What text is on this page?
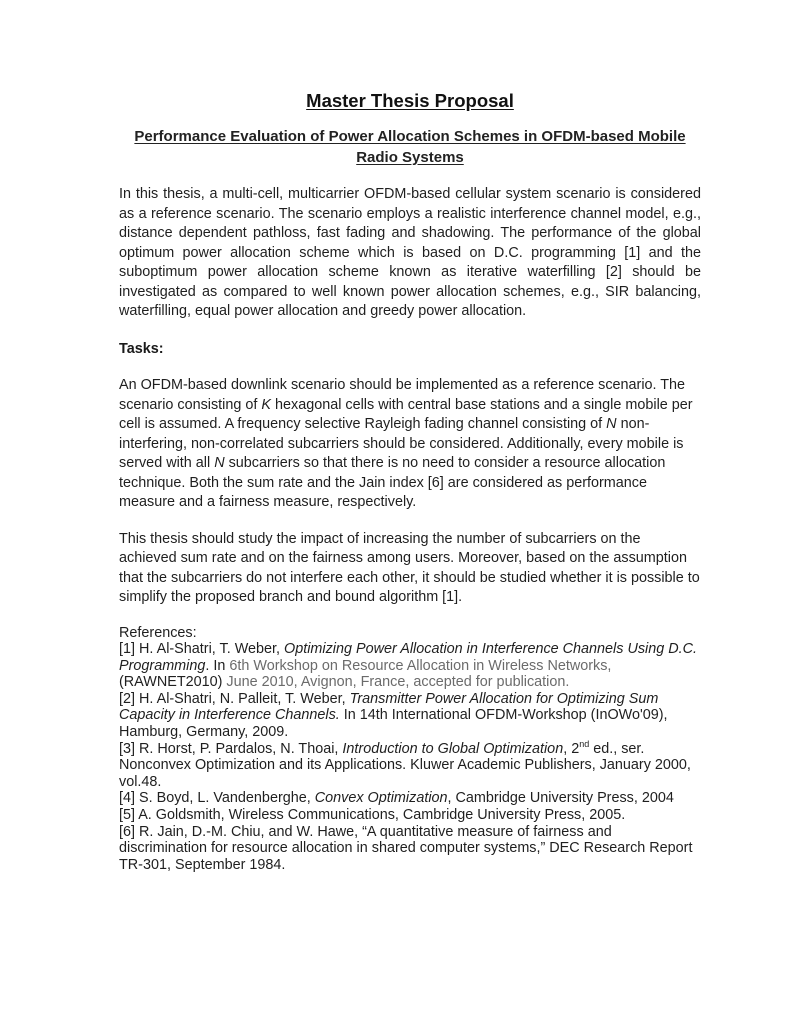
Master Thesis Proposal
Performance Evaluation of Power Allocation Schemes in OFDM-based Mobile Radio Systems

In this thesis, a multi-cell, multicarrier OFDM-based cellular system scenario is considered as a reference scenario. The scenario employs a realistic interference channel model, e.g., distance dependent pathloss, fast fading and shadowing. The performance of the global optimum power allocation scheme which is based on D.C. programming [1] and the suboptimum power allocation scheme known as iterative waterfilling [2] should be investigated as compared to well known power allocation schemes, e.g., SIR balancing, waterfilling, equal power allocation and greedy power allocation.

Tasks:

An OFDM-based downlink scenario should be implemented as a reference scenario. The scenario consisting of K hexagonal cells with central base stations and a single mobile per cell is assumed. A frequency selective Rayleigh fading channel consisting of N non-interfering, non-correlated subcarriers should be considered. Additionally, every mobile is served with all N subcarriers so that there is no need to consider a resource allocation technique. Both the sum rate and the Jain index [6] are considered as performance measure and a fairness measure, respectively.

This thesis should study the impact of increasing the number of subcarriers on the achieved sum rate and on the fairness among users. Moreover, based on the assumption that the subcarriers do not interfere each other, it should be studied whether it is possible to simplify the proposed branch and bound algorithm [1].

References:

[1] H. Al-Shatri, T. Weber, Optimizing Power Allocation in Interference Channels Using D.C. Programming. In 6th Workshop on Resource Allocation in Wireless Networks, (RAWNET2010) June 2010, Avignon, France, accepted for publication.

[2] H. Al-Shatri, N. Palleit, T. Weber, Transmitter Power Allocation for Optimizing Sum Capacity in Interference Channels. In 14th International OFDM-Workshop (InOWo'09), Hamburg, Germany, 2009.

[3] R. Horst, P. Pardalos, N. Thoai, Introduction to Global Optimization, 2nd ed., ser. Nonconvex Optimization and its Applications. Kluwer Academic Publishers, January 2000, vol.48.

[4] S. Boyd, L. Vandenberghe, Convex Optimization, Cambridge University Press, 2004

[5] A. Goldsmith, Wireless Communications, Cambridge University Press, 2005.

[6] R. Jain, D.-M. Chiu, and W. Hawe, “A quantitative measure of fairness and discrimination for resource allocation in shared computer systems,” DEC Research Report TR-301, September 1984.
